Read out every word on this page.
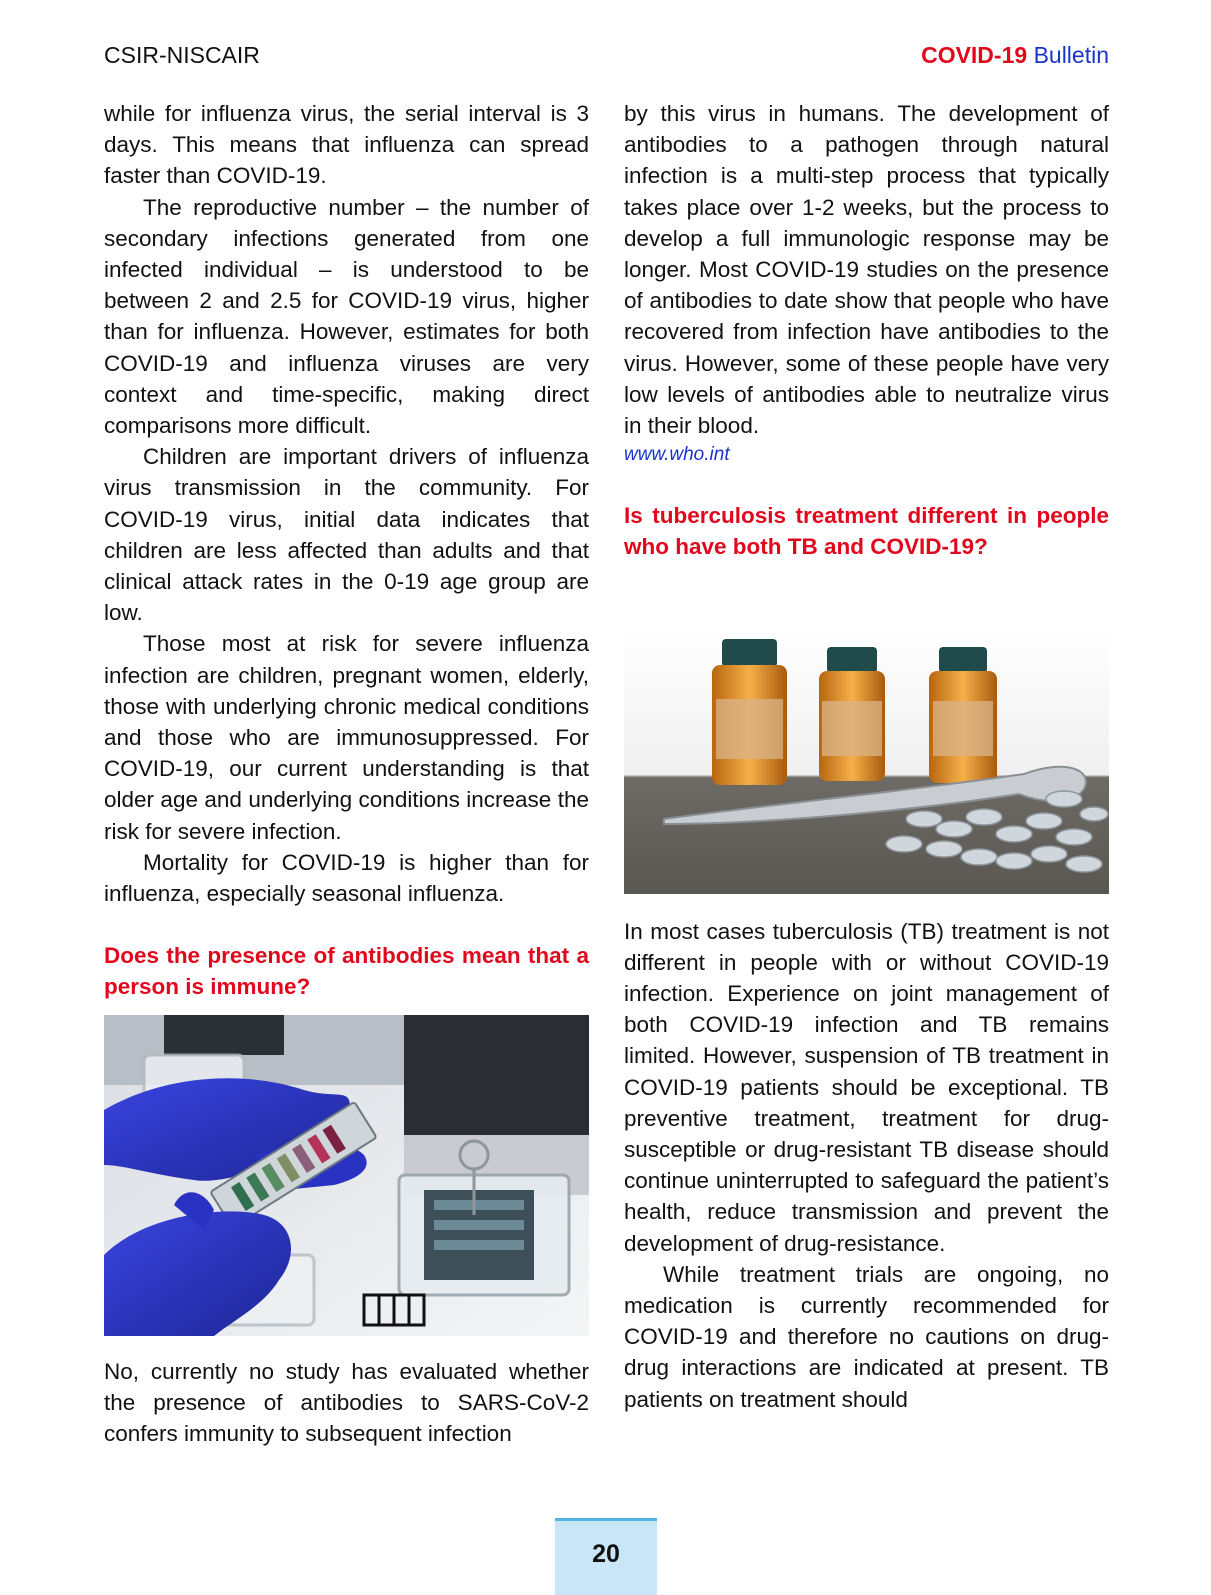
CSIR-NISCAIR	COVID-19 Bulletin

while for influenza virus, the serial interval is 3 days. This means that influenza can spread faster than COVID-19.

The reproductive number – the number of secondary infections generated from one infected individual – is understood to be between 2 and 2.5 for COVID-19 virus, higher than for influenza. However, estimates for both COVID-19 and influenza viruses are very context and time-specific, making direct comparisons more difficult.

Children are important drivers of influenza virus transmission in the community. For COVID-19 virus, initial data indicates that children are less affected than adults and that clinical attack rates in the 0-19 age group are low.

Those most at risk for severe influenza infection are children, pregnant women, elderly, those with underlying chronic medical conditions and those who are immunosuppressed. For COVID-19, our current understanding is that older age and underlying conditions increase the risk for severe infection.

Mortality for COVID-19 is higher than for influenza, especially seasonal influenza.

Does the presence of antibodies mean that a person is immune?

No, currently no study has evaluated whether the presence of antibodies to SARS-CoV-2 confers immunity to subsequent infection

by this virus in humans. The development of antibodies to a pathogen through natural infection is a multi-step process that typically takes place over 1-2 weeks, but the process to develop a full immunologic response may be longer. Most COVID-19 studies on the presence of antibodies to date show that people who have recovered from infection have antibodies to the virus. However, some of these people have very low levels of antibodies able to neutralize virus in their blood.

www.who.int

Is tuberculosis treatment different in people who have both TB and COVID-19?

In most cases tuberculosis (TB) treatment is not different in people with or without COVID-19 infection. Experience on joint management of both COVID-19 infection and TB remains limited. However, suspension of TB treatment in COVID-19 patients should be exceptional. TB preventive treatment, treatment for drug-susceptible or drug-resistant TB disease should continue uninterrupted to safeguard the patient’s health, reduce transmission and prevent the development of drug-resistance.

While treatment trials are ongoing, no medication is currently recommended for COVID-19 and therefore no cautions on drug-drug interactions are indicated at present. TB patients on treatment should

20
